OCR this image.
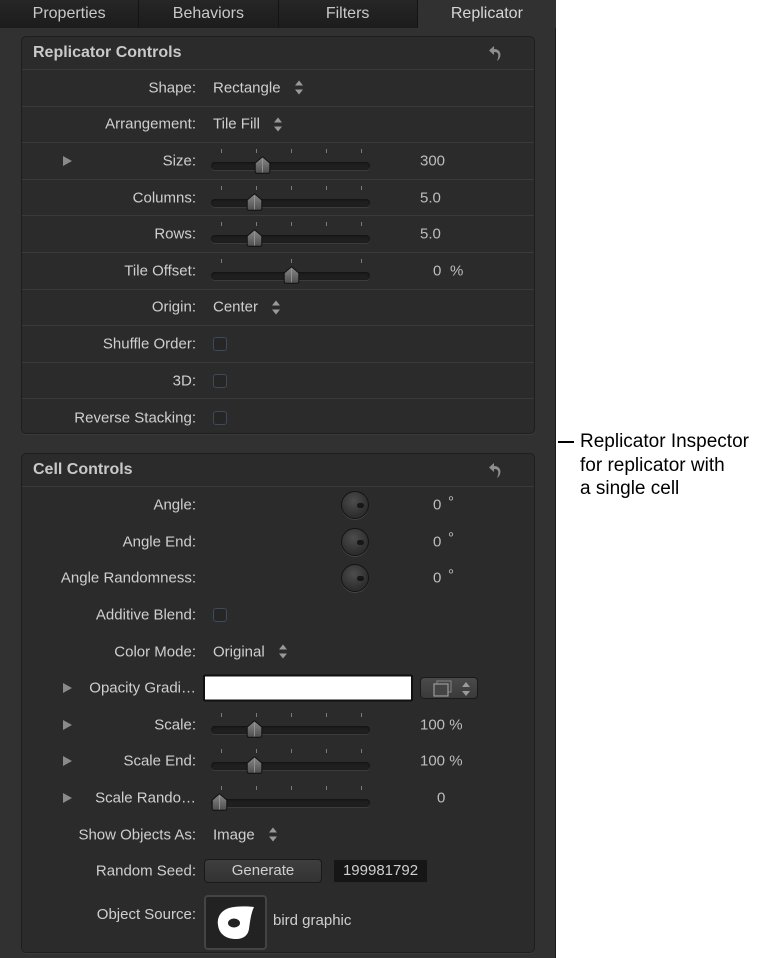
Properties	Behaviors	Filters	Replicator
Replicator Controls
Shape: Rectangle
Arrangement: Tile Fill
Size:	300
Columns:	5.0
Rows:	5.0
Tile Offset:	0 %
Origin: Center
Shuffle Order:
3D:
Reverse Stacking:
Cell Controls
Angle:	0 °
Angle End:	0 °
Angle Randomness:	0 °
Additive Blend:
Color Mode: Original
Opacity Gradi…
Scale:	100 %
Scale End:	100 %
Scale Rando…	0
Show Objects As: Image
Random Seed:	Generate	199981792
Object Source:	bird graphic
Replicator Inspector
for replicator with
a single cell
